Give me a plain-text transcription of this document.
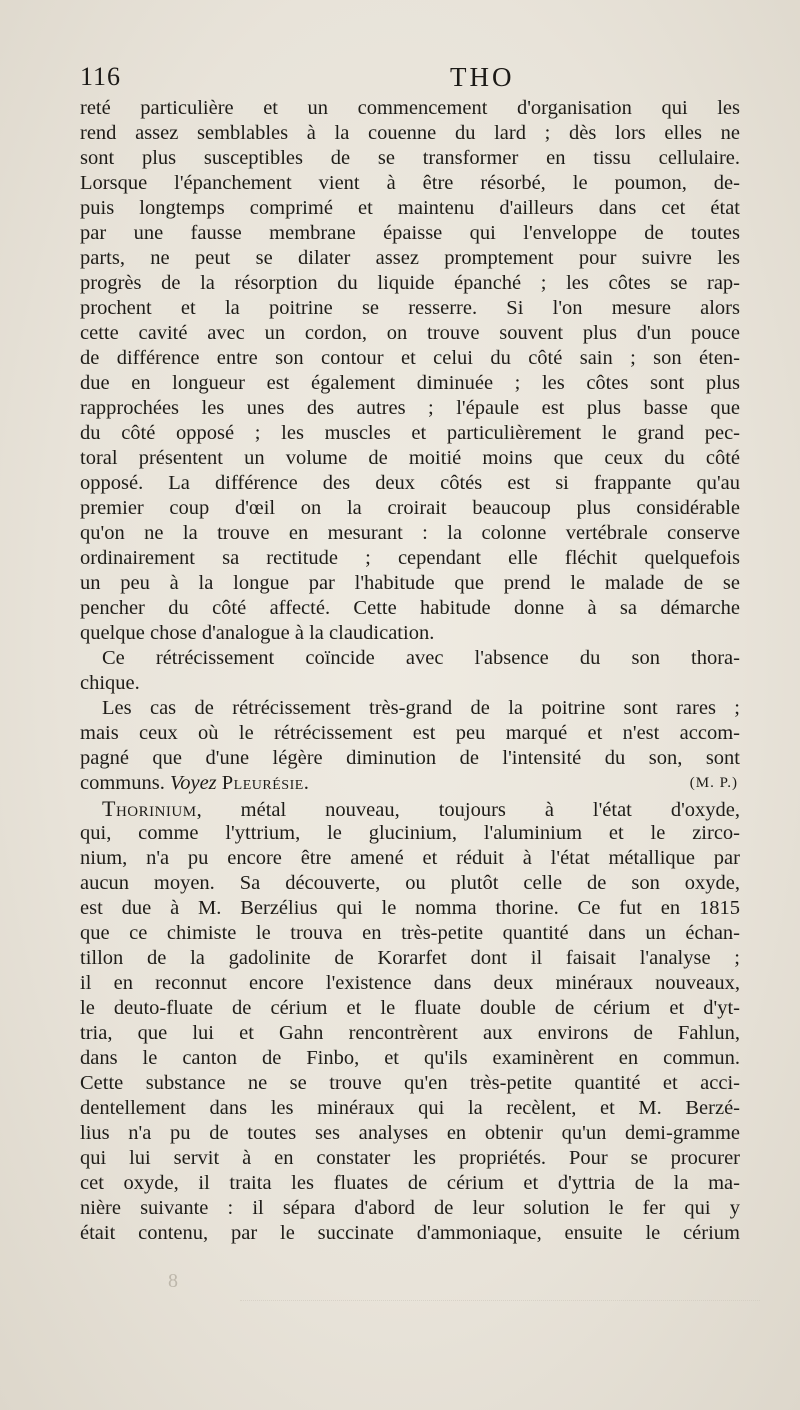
116	THO
reté particulière et un commencement d'organisation qui les
rend assez semblables à la couenne du lard ; dès lors elles ne
sont plus susceptibles de se transformer en tissu cellulaire.
Lorsque l'épanchement vient à être résorbé, le poumon, de-
puis longtemps comprimé et maintenu d'ailleurs dans cet état
par une fausse membrane épaisse qui l'enveloppe de toutes
parts, ne peut se dilater assez promptement pour suivre les
progrès de la résorption du liquide épanché ; les côtes se rap-
prochent et la poitrine se resserre. Si l'on mesure alors
cette cavité avec un cordon, on trouve souvent plus d'un pouce
de différence entre son contour et celui du côté sain ; son éten-
due en longueur est également diminuée ; les côtes sont plus
rapprochées les unes des autres ; l'épaule est plus basse que
du côté opposé ; les muscles et particulièrement le grand pec-
toral présentent un volume de moitié moins que ceux du côté
opposé. La différence des deux côtés est si frappante qu'au
premier coup d'œil on la croirait beaucoup plus considérable
qu'on ne la trouve en mesurant : la colonne vertébrale conserve
ordinairement sa rectitude ; cependant elle fléchit quelquefois
un peu à la longue par l'habitude que prend le malade de se
pencher du côté affecté. Cette habitude donne à sa démarche
quelque chose d'analogue à la claudication.
Ce rétrécissement coïncide avec l'absence du son thora-
chique.
Les cas de rétrécissement très-grand de la poitrine sont rares ;
mais ceux où le rétrécissement est peu marqué et n'est accom-
pagné que d'une légère diminution de l'intensité du son, sont
communs. Voyez Pleurésie.	(M. P.)
Thorinium, métal nouveau, toujours à l'état d'oxyde,
qui, comme l'yttrium, le glucinium, l'aluminium et le zirco-
nium, n'a pu encore être amené et réduit à l'état métallique par
aucun moyen. Sa découverte, ou plutôt celle de son oxyde,
est due à M. Berzélius qui le nomma thorine. Ce fut en 1815
que ce chimiste le trouva en très-petite quantité dans un échan-
tillon de la gadolinite de Korarfet dont il faisait l'analyse ;
il en reconnut encore l'existence dans deux minéraux nouveaux,
le deuto-fluate de cérium et le fluate double de cérium et d'yt-
tria, que lui et Gahn rencontrèrent aux environs de Fahlun,
dans le canton de Finbo, et qu'ils examinèrent en commun.
Cette substance ne se trouve qu'en très-petite quantité et acci-
dentellement dans les minéraux qui la recèlent, et M. Berzé-
lius n'a pu de toutes ses analyses en obtenir qu'un demi-gramme
qui lui servit à en constater les propriétés. Pour se procurer
cet oxyde, il traita les fluates de cérium et d'yttria de la ma-
nière suivante : il sépara d'abord de leur solution le fer qui y
était contenu, par le succinate d'ammoniaque, ensuite le cérium
8
